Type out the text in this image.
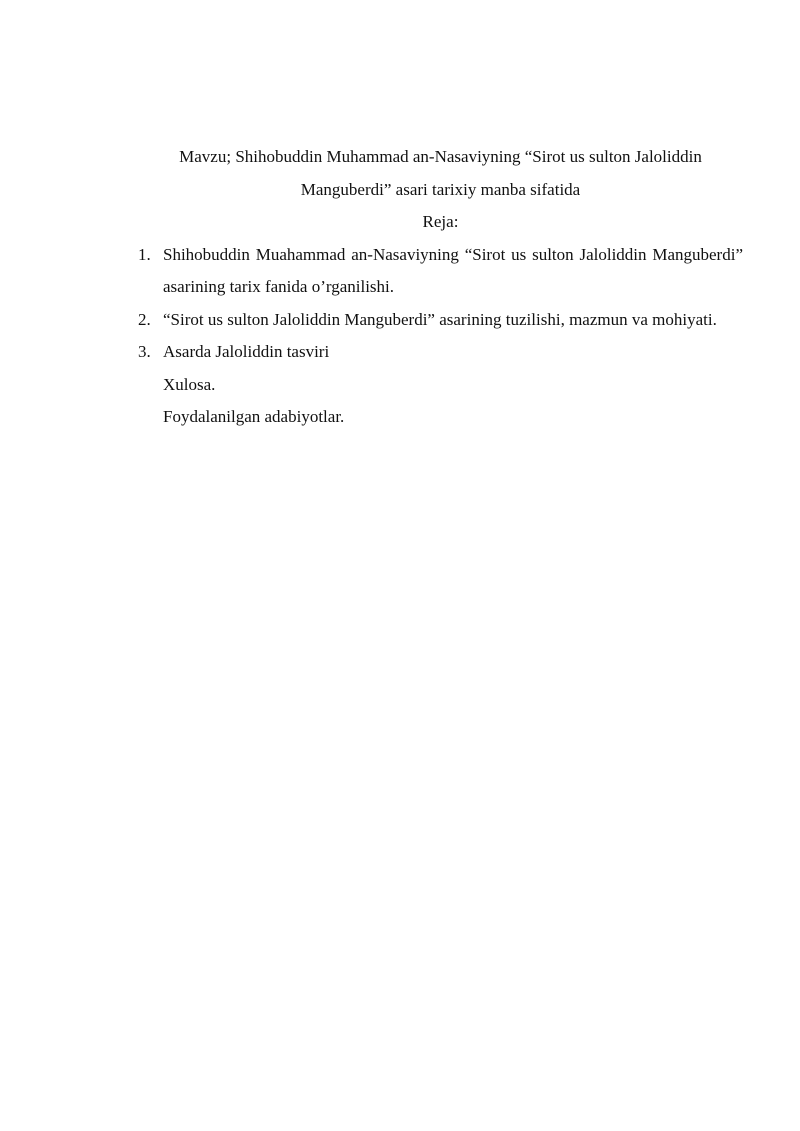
Mavzu; Shihobuddin Muhammad an-Nasaviyning “Sirot us sulton Jaloliddin Manguberdi” asari tarixiy manba sifatida

Reja:

1. Shihobuddin Muahammad an-Nasaviyning “Sirot us sulton Jaloliddin Manguberdi” asarining tarix fanida o’rganilishi.
2. “Sirot us sulton Jaloliddin Manguberdi” asarining tuzilishi, mazmun va mohiyati.
3. Asarda Jaloliddin tasviri

Xulosa.

Foydalanilgan adabiyotlar.
